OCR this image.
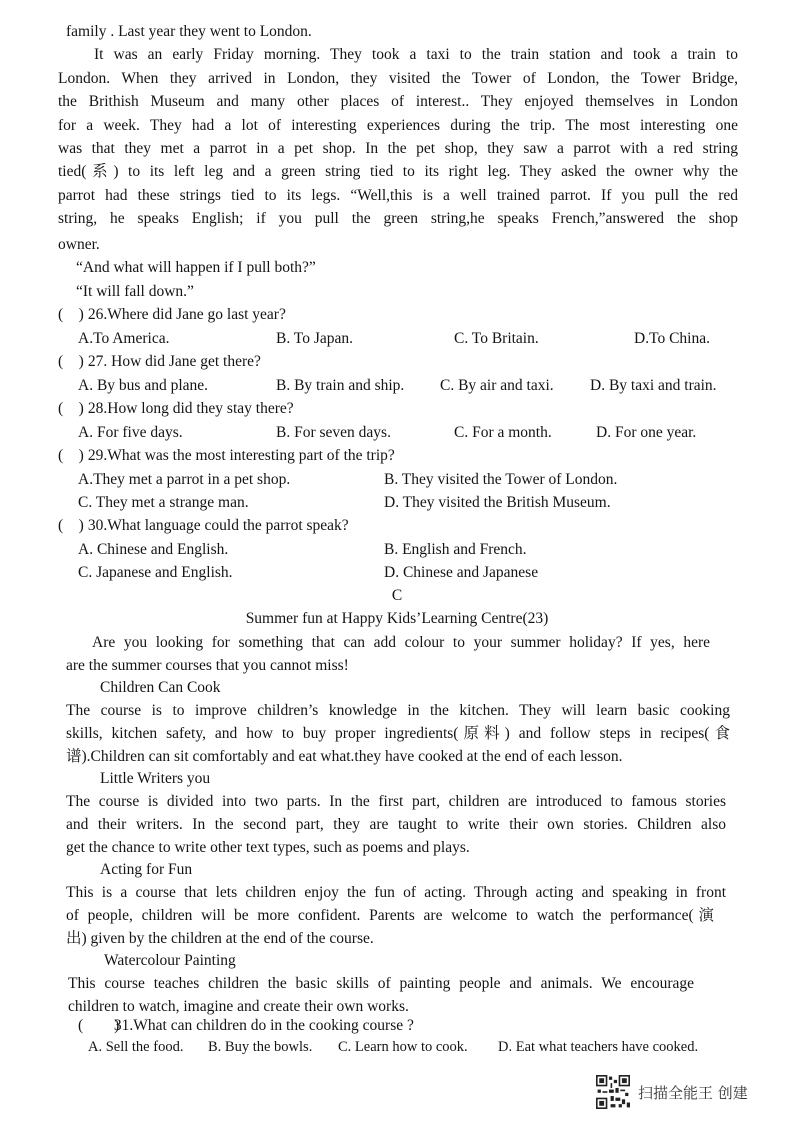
family . Last year they went to London.
It was an early Friday morning. They took a taxi to the train station and took a train to
London. When they arrived in London, they visited the Tower of London, the Tower Bridge,
the Brithish Museum and many other places of interest.. They enjoyed themselves in London
for a week. They had a lot of interesting experiences during the trip. The most interesting one
was that they met a parrot in a pet shop. In the pet shop, they saw a parrot with a red string
tied(系) to its left leg and a green string tied to its right leg. They asked the owner why the
parrot had these strings tied to its legs. “Well,this is a well trained parrot. If you pull the red
string, he speaks English; if you pull the green string,he speaks French,”answered the shop
owner.
“And what will happen if I pull both?”
“It will fall down.”
(　) 26.Where did Jane go last year?
A.To America.	B. To Japan.	C. To Britain.	D.To China.
(　) 27. How did Jane get there?
A. By bus and plane.	B. By train and ship. C. By air and taxi. D. By taxi and train.
(　) 28.How long did they stay there?
A. For five days.	B. For seven days.	C. For a month.	D. For one year.
(　) 29.What was the most interesting part of the trip?
A.They met a parrot in a pet shop.	B. They visited the Tower of London.
C. They met a strange man.	D. They visited the British Museum.
(　) 30.What language could the parrot speak?
A. Chinese and English.	B. English and French.
C. Japanese and English.	D. Chinese and Japanese
C
Summer fun at Happy Kids’Learning Centre(23)
Are you looking for something that can add colour to your summer holiday? If yes, here
are the summer courses that you cannot miss!
Children Can Cook
The course is to improve children’s knowledge in the kitchen. They will learn basic cooking
skills, kitchen safety, and how to buy proper ingredients(原料) and follow steps in recipes(食
谱).Children can sit comfortably and eat what.they have cooked at the end of each lesson.
Little Writers you
The course is divided into two parts. In the first part, children are introduced to famous stories
and their writers. In the second part, they are taught to write their own stories. Children also
get the chance to write other text types, such as poems and plays.
Acting for Fun
This is a course that lets children enjoy the fun of acting. Through acting and speaking in front
of people, children will be more confident. Parents are welcome to watch the performance(演
出) given by the children at the end of the course.
Watercolour Painting
This course teaches children the basic skills of painting people and animals. We encourage
children to watch, imagine and create their own works.
(　　) 31.What can children do in the cooking course ?
A. Sell the food. B. Buy the bowls. C. Learn how to cook. D. Eat what teachers have cooked.
扫描全能王 创建
